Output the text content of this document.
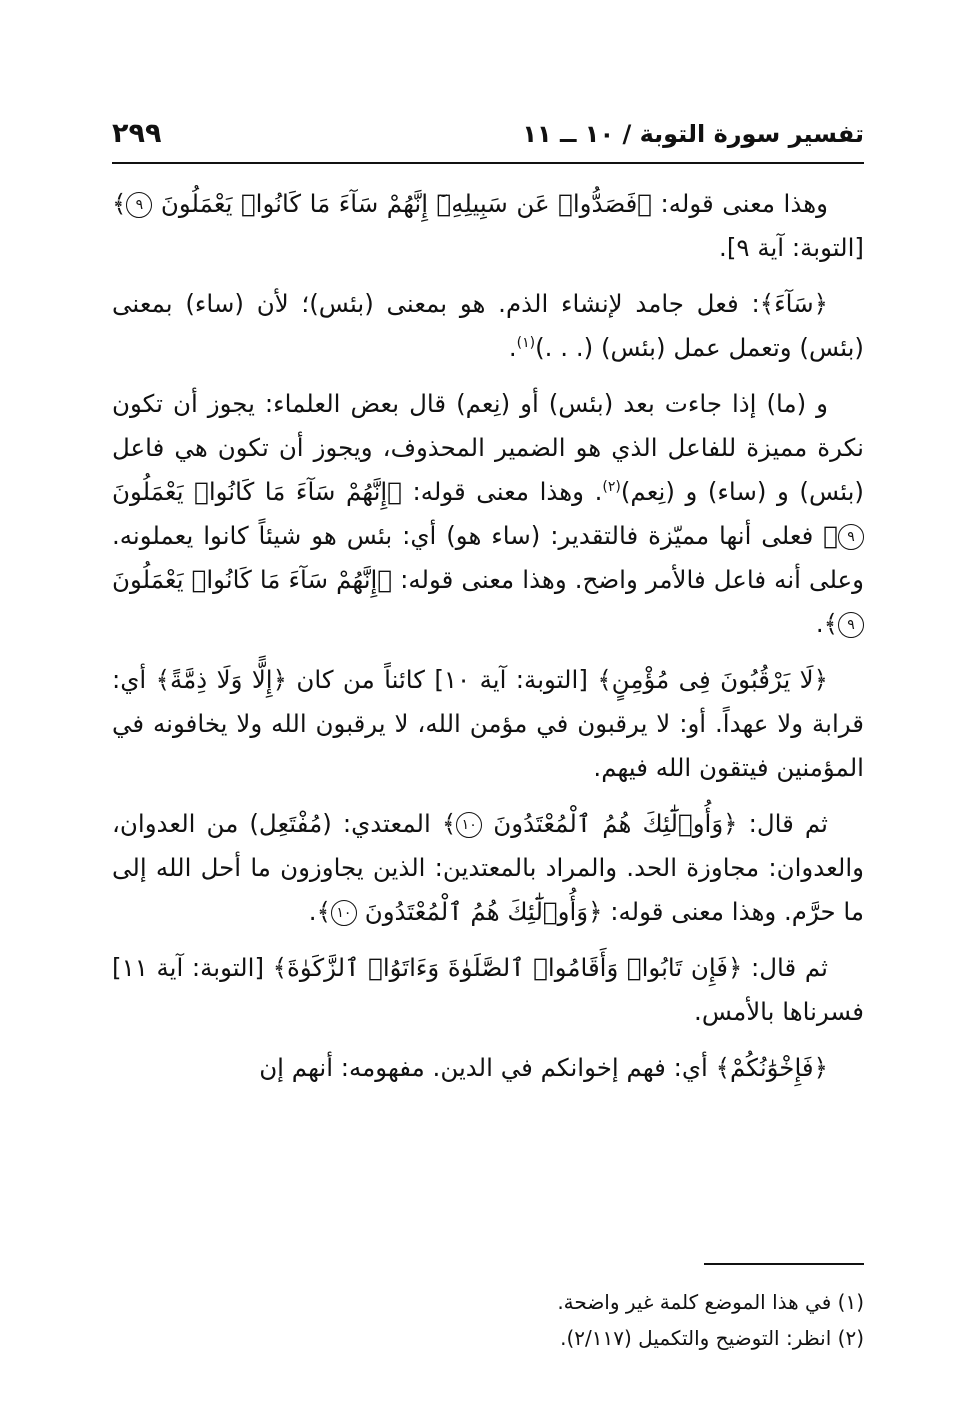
تفسير سورة التوبة / ١٠ ــ ١١
٢٩٩

وهذا معنى قوله: ﴿فَصَدُّوا۟ عَن سَبِيلِهِۦٓ إِنَّهُمْ سَآءَ مَا كَانُوا۟ يَعْمَلُونَ ٩﴾ [التوبة: آية ٩].

﴿سَآءَ﴾: فعل جامد لإنشاء الذم. هو بمعنى (بئس)؛ لأن (ساء) بمعنى (بئس) وتعمل عمل (بئس) (. . .)$^{(١)}$.

و (ما) إذا جاءت بعد (بئس) أو (نِعم) قال بعض العلماء: يجوز أن تكون نكرة مميزة للفاعل الذي هو الضمير المحذوف، ويجوز أن تكون هي فاعل (بئس) و (ساء) و (نِعم)$^{(٢)}$. وهذا معنى قوله: ﴿إِنَّهُمْ سَآءَ مَا كَانُوا۟ يَعْمَلُونَ ٩﴾ فعلى أنها مميّزة فالتقدير: (ساء هو) أي: بئس هو شيئاً كانوا يعملونه. وعلى أنه فاعل فالأمر واضح. وهذا معنى قوله: ﴿إِنَّهُمْ سَآءَ مَا كَانُوا۟ يَعْمَلُونَ ٩﴾.

﴿لَا يَرْقُبُونَ فِى مُؤْمِنٍ﴾ [التوبة: آية ١٠] كائناً من كان ﴿إِلًّا وَلَا ذِمَّةً﴾ أي: قرابة ولا عهداً. أو: لا يرقبون في مؤمن الله، لا يرقبون الله ولا يخافونه في المؤمنين فيتقون الله فيهم.

ثم قال: ﴿وَأُو۟لَٰٓئِكَ هُمُ ٱلْمُعْتَدُونَ ١٠﴾ المعتدي: (مُفْتَعِل) من العدوان، والعدوان: مجاوزة الحد. والمراد بالمعتدين: الذين يجاوزون ما أحل الله إلى ما حرَّم. وهذا معنى قوله: ﴿وَأُو۟لَٰٓئِكَ هُمُ ٱلْمُعْتَدُونَ ١٠﴾.

ثم قال: ﴿فَإِن تَابُوا۟ وَأَقَامُوا۟ ٱلصَّلَوٰةَ وَءَاتَوُا۟ ٱلزَّكَوٰةَ﴾ [التوبة: آية ١١] فسرناها بالأمس.

﴿فَإِخْوَٰنُكُمْ﴾ أي: فهم إخوانكم في الدين. مفهومه: أنهم إن

(١) في هذا الموضع كلمة غير واضحة.

(٢) انظر: التوضيح والتكميل (٢/١١٧).
